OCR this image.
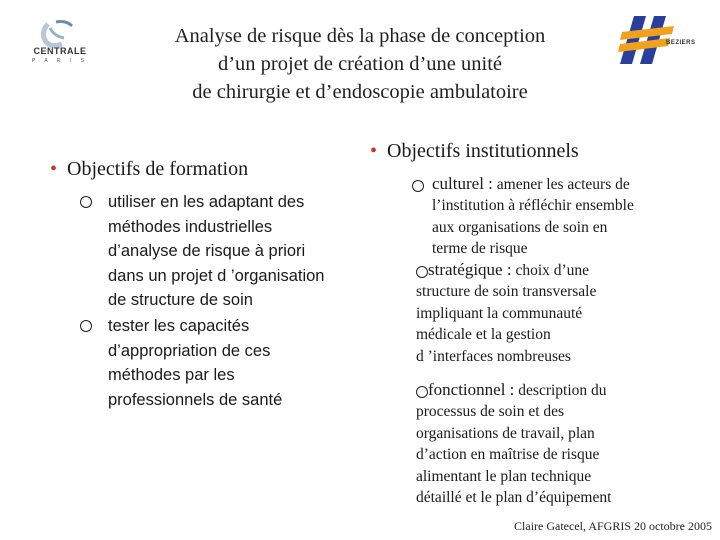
CENTRALE
P A R I S
BEZIERS
Analyse de risque dès la phase de conception
d’un projet de création d’une unité
de chirurgie et d’endoscopie ambulatoire
• Objectifs de formation
utiliser en les adaptant des
méthodes industrielles
d’analyse de risque à priori
dans un projet d ’organisation
de structure de soin
tester les capacités
d’appropriation de ces
méthodes par les
professionnels de santé
• Objectifs institutionnels
culturel : amener les acteurs de
l’institution à réfléchir ensemble
aux organisations de soin en
terme de risque
stratégique : choix d’une
structure de soin transversale
impliquant la communauté
médicale et la gestion
d ’interfaces nombreuses
fonctionnel : description du
processus de soin et des
organisations de travail, plan
d’action en maîtrise de risque
alimentant le plan technique
détaillé et le plan d’équipement
Claire Gatecel, AFGRIS 20 octobre 2005
